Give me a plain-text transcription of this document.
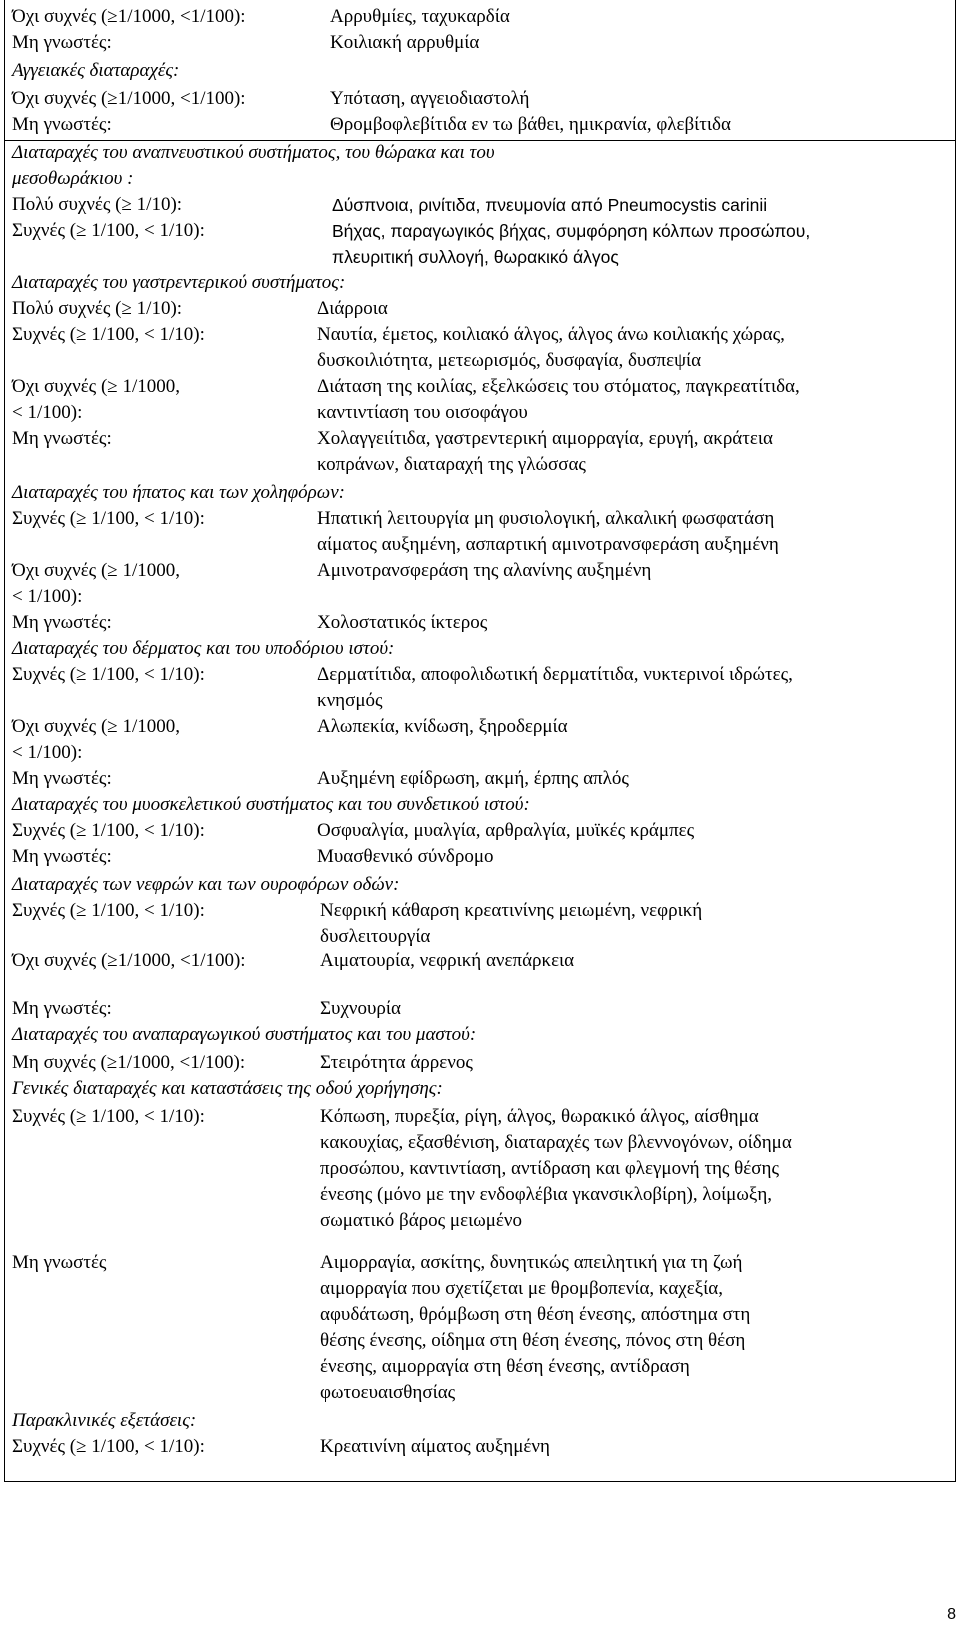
8
Όχι συχνές (≥1/1000, <1/100):	Αρρυθμίες, ταχυκαρδία
Μη γνωστές:	Κοιλιακή αρρυθμία
Αγγειακές διαταραχές:
Όχι συχνές (≥1/1000, <1/100):	Υπόταση, αγγειοδιαστολή
Μη γνωστές:	Θρομβοφλεβίτιδα εν τω βάθει, ημικρανία, φλεβίτιδα
Διαταραχές του αναπνευστικού συστήματος, του θώρακα και του
μεσοθωράκιου :
Πολύ συχνές (≥ 1/10):	Δύσπνοια, ρινίτιδα, πνευμονία από Pneumocystis carinii
Συχνές (≥ 1/100, < 1/10):	Βήχας, παραγωγικός βήχας, συμφόρηση κόλπων προσώπου,
πλευριτική συλλογή, θωρακικό άλγος
Διαταραχές του γαστρεντερικού συστήματος:
Πολύ συχνές (≥ 1/10):	Διάρροια
Συχνές (≥ 1/100, < 1/10):	Ναυτία, έμετος, κοιλιακό άλγος, άλγος άνω κοιλιακής χώρας,
δυσκοιλιότητα, μετεωρισμός, δυσφαγία, δυσπεψία
Όχι συχνές (≥ 1/1000,	Διάταση της κοιλίας, εξελκώσεις του στόματος, παγκρεατίτιδα,
< 1/100):	καντιντίαση του οισοφάγου
Μη γνωστές:	Χολαγγειίτιδα, γαστρεντερική αιμορραγία, ερυγή, ακράτεια
κοπράνων, διαταραχή της γλώσσας
Διαταραχές του ήπατος και των χοληφόρων:
Συχνές (≥ 1/100, < 1/10):	Ηπατική λειτουργία μη φυσιολογική, αλκαλική φωσφατάση
αίματος αυξημένη, ασπαρτική αμινοτρανσφεράση αυξημένη
Όχι συχνές (≥ 1/1000,	Αμινοτρανσφεράση της αλανίνης αυξημένη
< 1/100):
Μη γνωστές:	Χολοστατικός ίκτερος
Διαταραχές του δέρματος και του υποδόριου ιστού:
Συχνές (≥ 1/100, < 1/10):	Δερματίτιδα, αποφολιδωτική δερματίτιδα, νυκτερινοί ιδρώτες,
κνησμός
Όχι συχνές (≥ 1/1000,	Αλωπεκία, κνίδωση, ξηροδερμία
< 1/100):
Μη γνωστές:	Αυξημένη εφίδρωση, ακμή, έρπης απλός
Διαταραχές του μυοσκελετικού συστήματος και του συνδετικού ιστού:
Συχνές (≥ 1/100, < 1/10):	Οσφυαλγία, μυαλγία, αρθραλγία, μυϊκές κράμπες
Μη γνωστές:	Μυασθενικό σύνδρομο
Διαταραχές των νεφρών και των ουροφόρων οδών:
Συχνές (≥ 1/100, < 1/10):	Νεφρική κάθαρση κρεατινίνης μειωμένη, νεφρική
δυσλειτουργία
Όχι συχνές (≥1/1000, <1/100):	Αιματουρία, νεφρική ανεπάρκεια
Μη γνωστές:	Συχνουρία
Διαταραχές του αναπαραγωγικού συστήματος και του μαστού:
Μη συχνές (≥1/1000, <1/100):	Στειρότητα άρρενος
Γενικές διαταραχές και καταστάσεις της οδού χορήγησης:
Συχνές (≥ 1/100, < 1/10):	Κόπωση, πυρεξία, ρίγη, άλγος, θωρακικό άλγος, αίσθημα
κακουχίας, εξασθένιση, διαταραχές των βλεννογόνων, οίδημα
προσώπου, καντιντίαση, αντίδραση και φλεγμονή της θέσης
ένεσης (μόνο με την ενδοφλέβια γκανσικλοβίρη), λοίμωξη,
σωματικό βάρος μειωμένο
Μη γνωστές	Αιμορραγία, ασκίτης, δυνητικώς απειλητική για τη ζωή
αιμορραγία που σχετίζεται με θρομβοπενία, καχεξία,
αφυδάτωση, θρόμβωση στη θέση ένεσης, απόστημα στη
θέσης ένεσης, οίδημα στη θέση ένεσης, πόνος στη θέση
ένεσης, αιμορραγία στη θέση ένεσης, αντίδραση
φωτοευαισθησίας
Παρακλινικές εξετάσεις:
Συχνές (≥ 1/100, < 1/10):	Κρεατινίνη αίματος αυξημένη
